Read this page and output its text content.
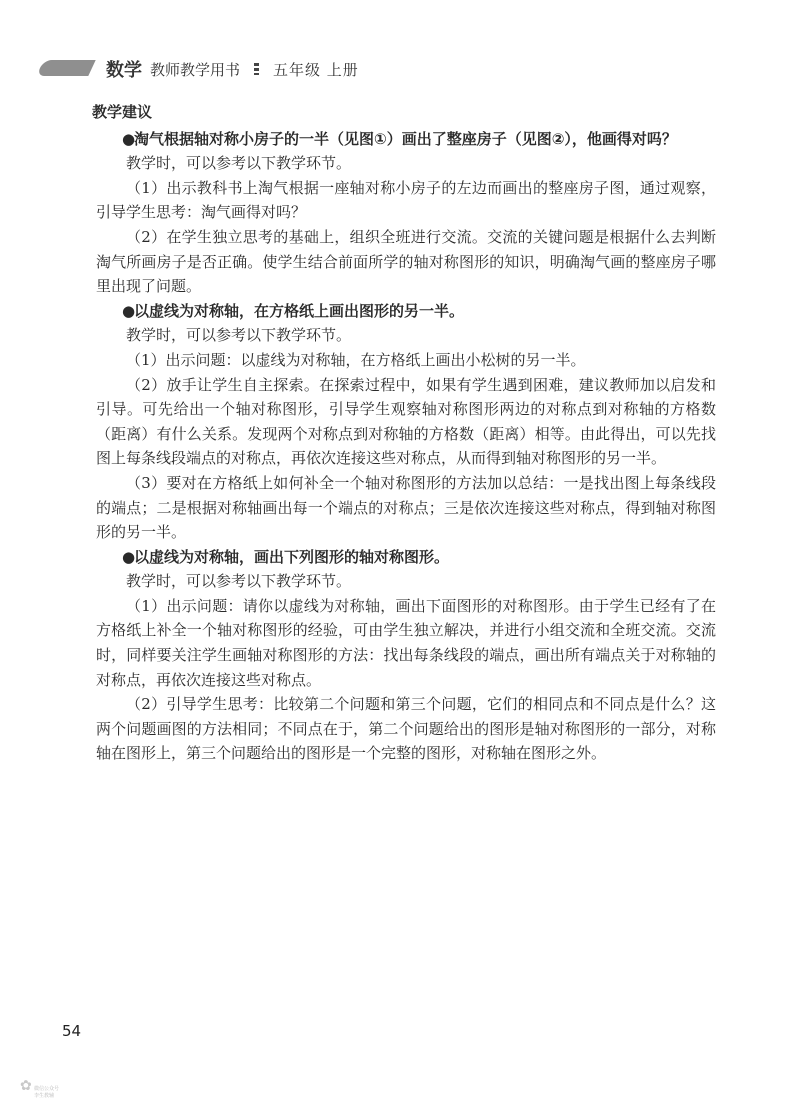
数学 教师教学用书 五年级 上册
教学建议
●
淘气根据轴对称小房子的一半（见图①）画出了整座房子（见图②），他画得对吗？

教学时，可以参考以下教学环节。

（1）出示教科书上淘气根据一座轴对称小房子的左边而画出的整座房子图，通过观察，引导学生思考：淘气画得对吗？

（2）在学生独立思考的基础上，组织全班进行交流。交流的关键问题是根据什么去判断淘气所画房子是否正确。使学生结合前面所学的轴对称图形的知识，明确淘气画的整座房子哪里出现了问题。

●
以虚线为对称轴，在方格纸上画出图形的另一半。

教学时，可以参考以下教学环节。

（1）出示问题：以虚线为对称轴，在方格纸上画出小松树的另一半。

（2）放手让学生自主探索。在探索过程中，如果有学生遇到困难，建议教师加以启发和引导。可先给出一个轴对称图形，引导学生观察轴对称图形两边的对称点到对称轴的方格数（距离）有什么关系。发现两个对称点到对称轴的方格数（距离）相等。由此得出，可以先找图上每条线段端点的对称点，再依次连接这些对称点，从而得到轴对称图形的另一半。

（3）要对在方格纸上如何补全一个轴对称图形的方法加以总结：一是找出图上每条线段的端点；二是根据对称轴画出每一个端点的对称点；三是依次连接这些对称点，得到轴对称图形的另一半。

●
以虚线为对称轴，画出下列图形的轴对称图形。

教学时，可以参考以下教学环节。

（1）出示问题：请你以虚线为对称轴，画出下面图形的对称图形。由于学生已经有了在方格纸上补全一个轴对称图形的经验，可由学生独立解决，并进行小组交流和全班交流。交流时，同样要关注学生画轴对称图形的方法：找出每条线段的端点，画出所有端点关于对称轴的对称点，再依次连接这些对称点。

（2）引导学生思考：比较第二个问题和第三个问题，它们的相同点和不同点是什么？这两个问题画图的方法相同；不同点在于，第二个问题给出的图形是轴对称图形的一部分，对称轴在图形上，第三个问题给出的图形是一个完整的图形，对称轴在图形之外。

54
✿ 微信公众号
李生教辅
